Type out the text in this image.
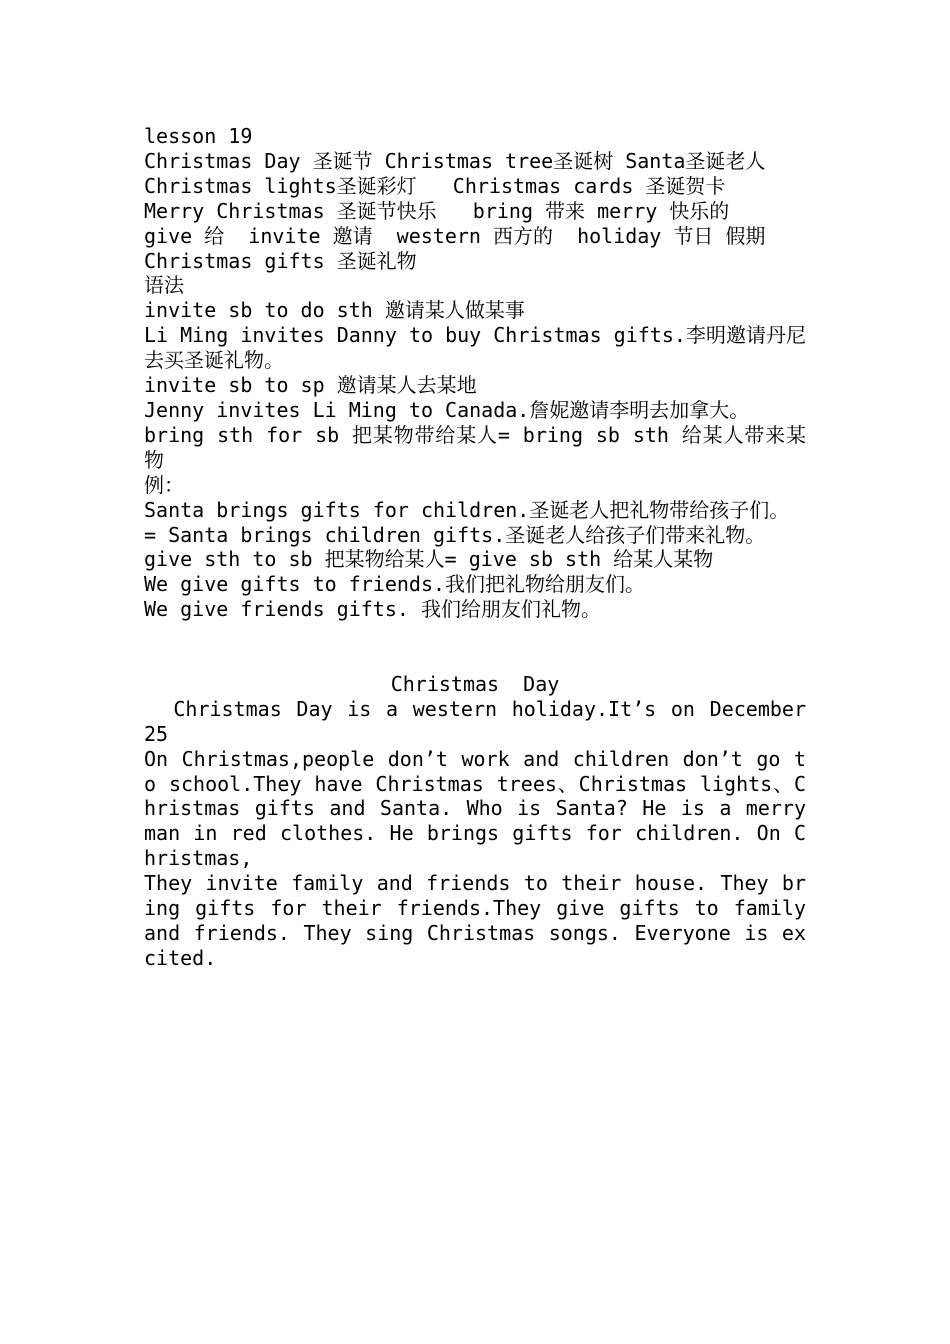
lesson 19
Christmas Day 圣诞节 Christmas tree圣诞树 Santa圣诞老人
Christmas lights圣诞彩灯   Christmas cards 圣诞贺卡
Merry Christmas 圣诞节快乐   bring 带来 merry 快乐的
give 给  invite 邀请  western 西方的  holiday 节日 假期
Christmas gifts 圣诞礼物
语法
invite sb to do sth 邀请某人做某事
Li Ming invites Danny to buy Christmas gifts.李明邀请丹尼去买圣诞礼物。
invite sb to sp 邀请某人去某地
Jenny invites Li Ming to Canada.詹妮邀请李明去加拿大。
bring sth for sb 把某物带给某人= bring sb sth 给某人带来某物
例：
Santa brings gifts for children.圣诞老人把礼物带给孩子们。
= Santa brings children gifts.圣诞老人给孩子们带来礼物。
give sth to sb 把某物给某人= give sb sth 给某人某物
We give gifts to friends.我们把礼物给朋友们。
We give friends gifts. 我们给朋友们礼物。
Christmas  Day
Christmas Day is a western holiday.It’s on December 25
On Christmas,people don’t work and children don’t go to school.They have Christmas trees、Christmas lights、Christmas gifts and Santa. Who is Santa? He is a merry man in red clothes. He brings gifts for children. On Christmas,
They invite family and friends to their house. They bring gifts for their friends.They give gifts to family and friends. They sing Christmas songs. Everyone is excited.
